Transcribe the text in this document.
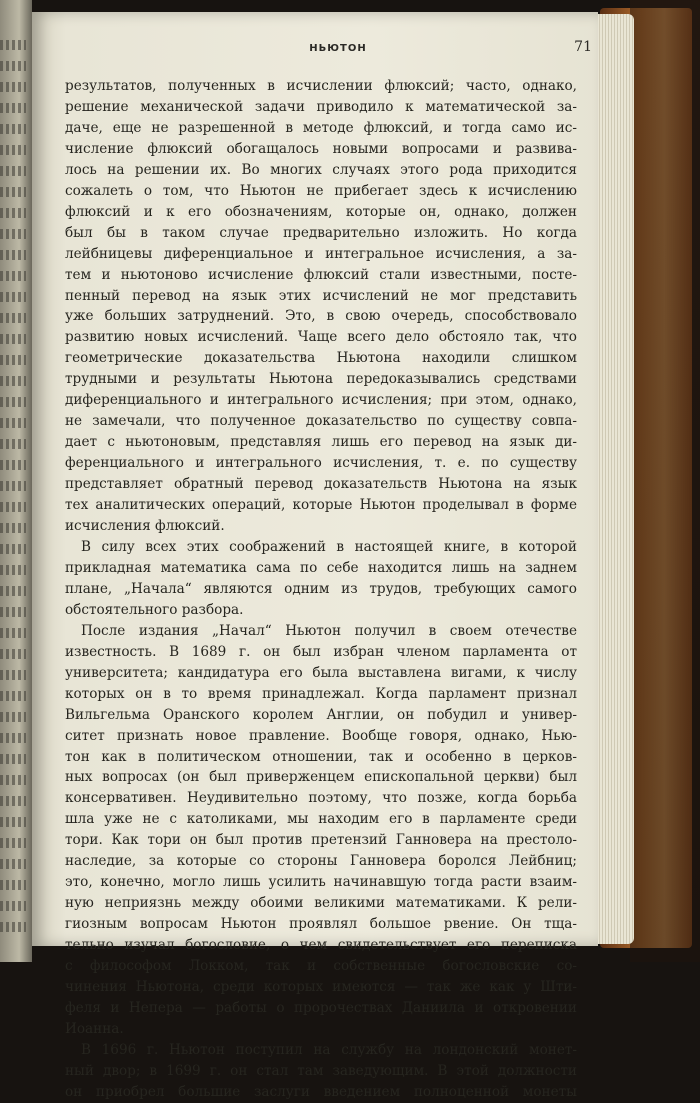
НЬЮТОН	71
результатов, полученных в исчислении флюксий; часто, однако,
решение механической задачи приводило к математической за-
даче, еще не разрешенной в методе флюксий, и тогда само ис-
числение флюксий обогащалось новыми вопросами и развива-
лось на решении их. Во многих случаях этого рода приходится
сожалеть о том, что Ньютон не прибегает здесь к исчислению
флюксий и к его обозначениям, которые он, однако, должен
был бы в таком случае предварительно изложить. Но когда
лейбницевы диференциальное и интегральное исчисления, а за-
тем и ньютоново исчисление флюксий стали известными, посте-
пенный перевод на язык этих исчислений не мог представить
уже больших затруднений. Это, в свою очередь, способствовало
развитию новых исчислений. Чаще всего дело обстояло так, что
геометрические доказательства Ньютона находили слишком
трудными и результаты Ньютона передоказывались средствами
диференциального и интегрального исчисления; при этом, однако,
не замечали, что полученное доказательство по существу совпа-
дает с ньютоновым, представляя лишь его перевод на язык ди-
ференциального и интегрального исчисления, т. е. по существу
представляет обратный перевод доказательств Ньютона на язык
тех аналитических операций, которые Ньютон проделывал в форме
исчисления флюксий.
В силу всех этих соображений в настоящей книге, в которой
прикладная математика сама по себе находится лишь на заднем
плане, „Начала“ являются одним из трудов, требующих самого
обстоятельного разбора.
После издания „Начал“ Ньютон получил в своем отечестве
известность. В 1689 г. он был избран членом парламента от
университета; кандидатура его была выставлена вигами, к числу
которых он в то время принадлежал. Когда парламент признал
Вильгельма Оранского королем Англии, он побудил и универ-
ситет признать новое правление. Вообще говоря, однако, Нью-
тон как в политическом отношении, так и особенно в церков-
ных вопросах (он был приверженцем епископальной церкви) был
консервативен. Неудивительно поэтому, что позже, когда борьба
шла уже не с католиками, мы находим его в парламенте среди
тори. Как тори он был против претензий Ганновера на престоло-
наследие, за которые со стороны Ганновера боролся Лейбниц;
это, конечно, могло лишь усилить начинавшую тогда расти взаим-
ную неприязнь между обоими великими математиками. К рели-
гиозным вопросам Ньютон проявлял большое рвение. Он тща-
тельно изучал богословие, о чем свидетельствует его переписка
с философом Локком, так и собственные богословские со-
чинения Ньютона, среди которых имеются — так же как у Шти-
феля и Непера — работы о пророчествах Даниила и откровении
Иоанна.
В 1696 г. Ньютон поступил на службу на лондонский монет-
ный двор; в 1699 г. он стал там заведующим. В этой должности
он приобрел большие заслуги введением полноценной монеты
